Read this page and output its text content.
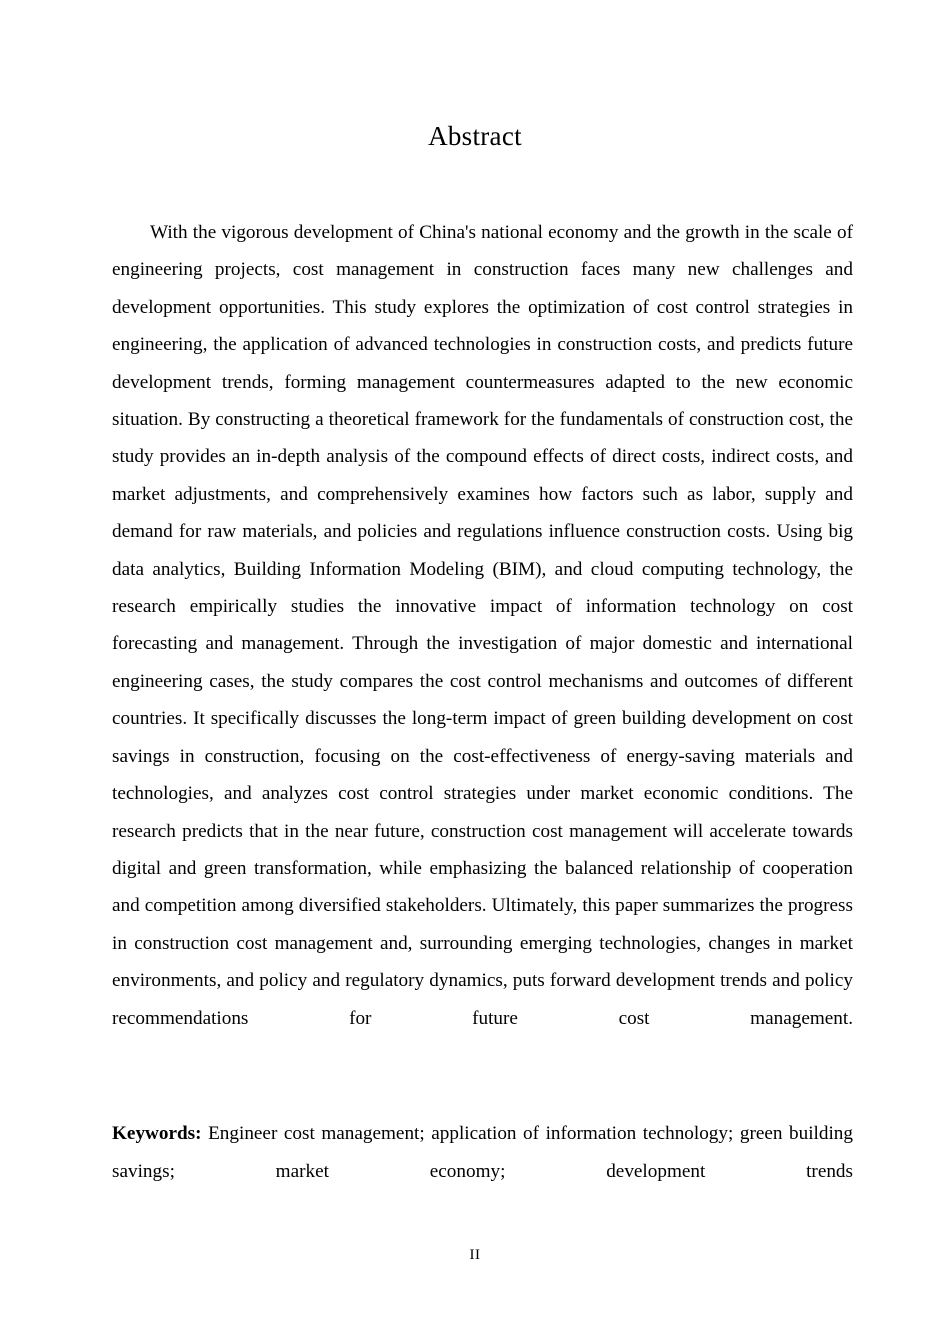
Abstract

With the vigorous development of China's national economy and the growth in the scale of engineering projects, cost management in construction faces many new challenges and development opportunities. This study explores the optimization of cost control strategies in engineering, the application of advanced technologies in construction costs, and predicts future development trends, forming management countermeasures adapted to the new economic situation. By constructing a theoretical framework for the fundamentals of construction cost, the study provides an in-depth analysis of the compound effects of direct costs, indirect costs, and market adjustments, and comprehensively examines how factors such as labor, supply and demand for raw materials, and policies and regulations influence construction costs. Using big data analytics, Building Information Modeling (BIM), and cloud computing technology, the research empirically studies the innovative impact of information technology on cost forecasting and management. Through the investigation of major domestic and international engineering cases, the study compares the cost control mechanisms and outcomes of different countries. It specifically discusses the long-term impact of green building development on cost savings in construction, focusing on the cost-effectiveness of energy-saving materials and technologies, and analyzes cost control strategies under market economic conditions. The research predicts that in the near future, construction cost management will accelerate towards digital and green transformation, while emphasizing the balanced relationship of cooperation and competition among diversified stakeholders. Ultimately, this paper summarizes the progress in construction cost management and, surrounding emerging technologies, changes in market environments, and policy and regulatory dynamics, puts forward development trends and policy recommendations for future cost management.

Keywords: Engineer cost management; application of information technology; green building savings; market economy; development trends

II
